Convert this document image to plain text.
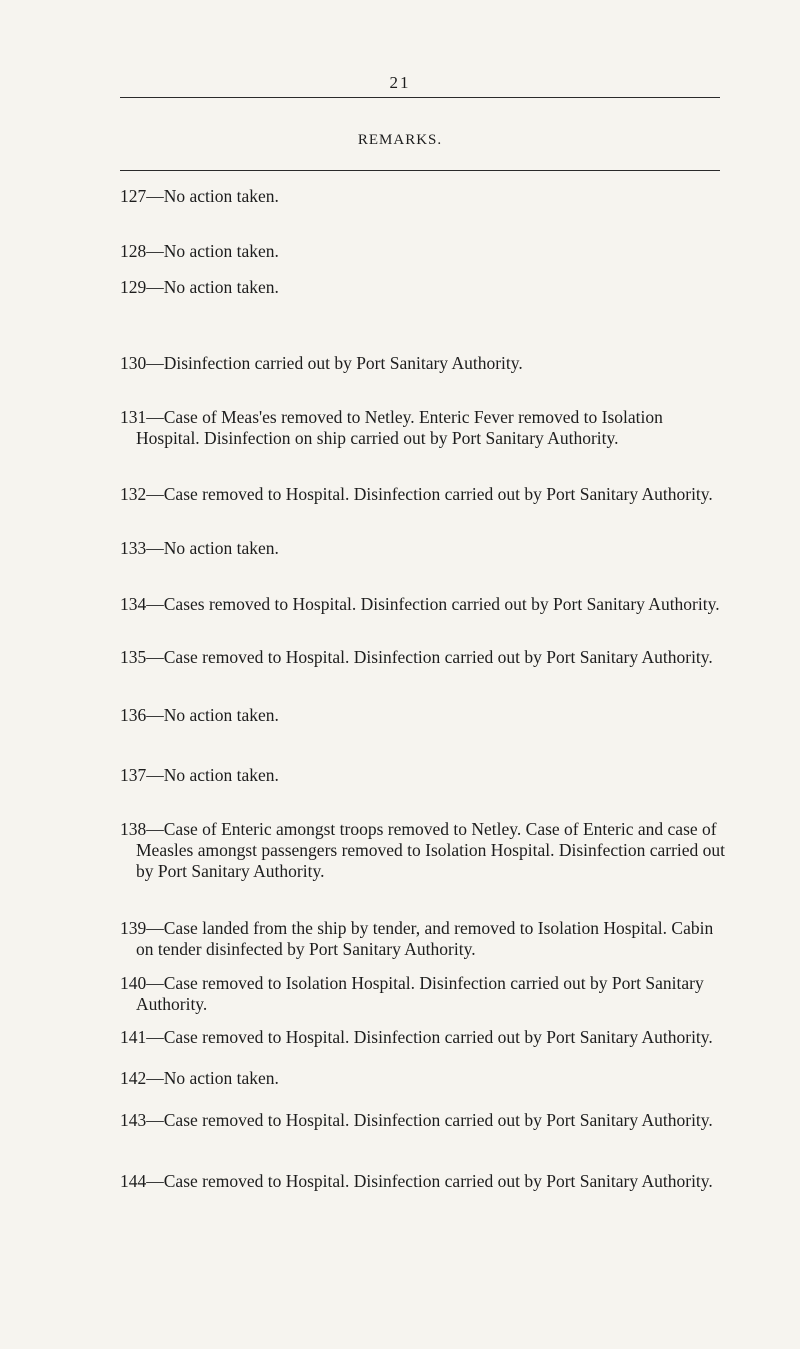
21
REMARKS.
127—No action taken.
128—No action taken.
129—No action taken.
130—Disinfection carried out by Port Sanitary Authority.
131—Case of Meas'es removed to Netley. Enteric Fever removed to Isolation Hospital. Disinfection on ship carried out by Port Sanitary Authority.
132—Case removed to Hospital. Disinfection carried out by Port Sanitary Authority.
133—No action taken.
134—Cases removed to Hospital. Disinfection carried out by Port Sanitary Authority.
135—Case removed to Hospital. Disinfection carried out by Port Sanitary Authority.
136—No action taken.
137—No action taken.
138—Case of Enteric amongst troops removed to Netley. Case of Enteric and case of Measles amongst passengers removed to Isolation Hospital. Disinfection carried out by Port Sanitary Authority.
139—Case landed from the ship by tender, and removed to Isolation Hospital. Cabin on tender disinfected by Port Sanitary Authority.
140—Case removed to Isolation Hospital. Disinfection carried out by Port Sanitary Authority.
141—Case removed to Hospital. Disinfection carried out by Port Sanitary Authority.
142—No action taken.
143—Case removed to Hospital. Disinfection carried out by Port Sanitary Authority.
144—Case removed to Hospital. Disinfection carried out by Port Sanitary Authority.
